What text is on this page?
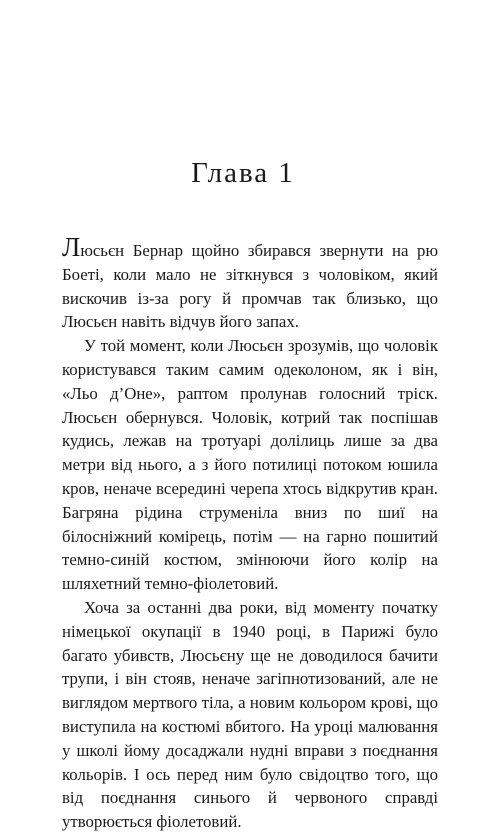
Глава 1

Люсьєн Бернар щойно збирався звернути на рю Боеті, коли мало не зіткнувся з чоловіком, який вискочив із-за рогу й промчав так близько, що Люсьєн навіть відчув його запах.

У той момент, коли Люсьєн зрозумів, що чоловік користувався таким самим одеколоном, як і він, «Льо д’Оне», раптом пролунав голосний тріск. Люсьєн обернувся. Чоловік, котрий так поспішав кудись, лежав на тротуарі долілиць лише за два метри від нього, а з його потилиці потоком юшила кров, неначе всередині черепа хтось відкрутив кран. Багряна рідина струменіла вниз по шиї на білосніжний комірець, потім — на гарно пошитий темно-синій костюм, змінюючи його колір на шляхетний темно-фіолетовий.

Хоча за останні два роки, від моменту початку німецької окупації в 1940 році, в Парижі було багато убивств, Люсьєну ще не доводилося бачити трупи, і він стояв, неначе загіпнотизований, але не виглядом мертвого тіла, а новим кольором крові, що виступила на костюмі вбитого. На уроці малювання у школі йому досаджали нудні вправи з поєднання кольорів. І ось перед ним було свідоцтво того, що від поєднання синього й червоного справді утворюється фіолетовий.
